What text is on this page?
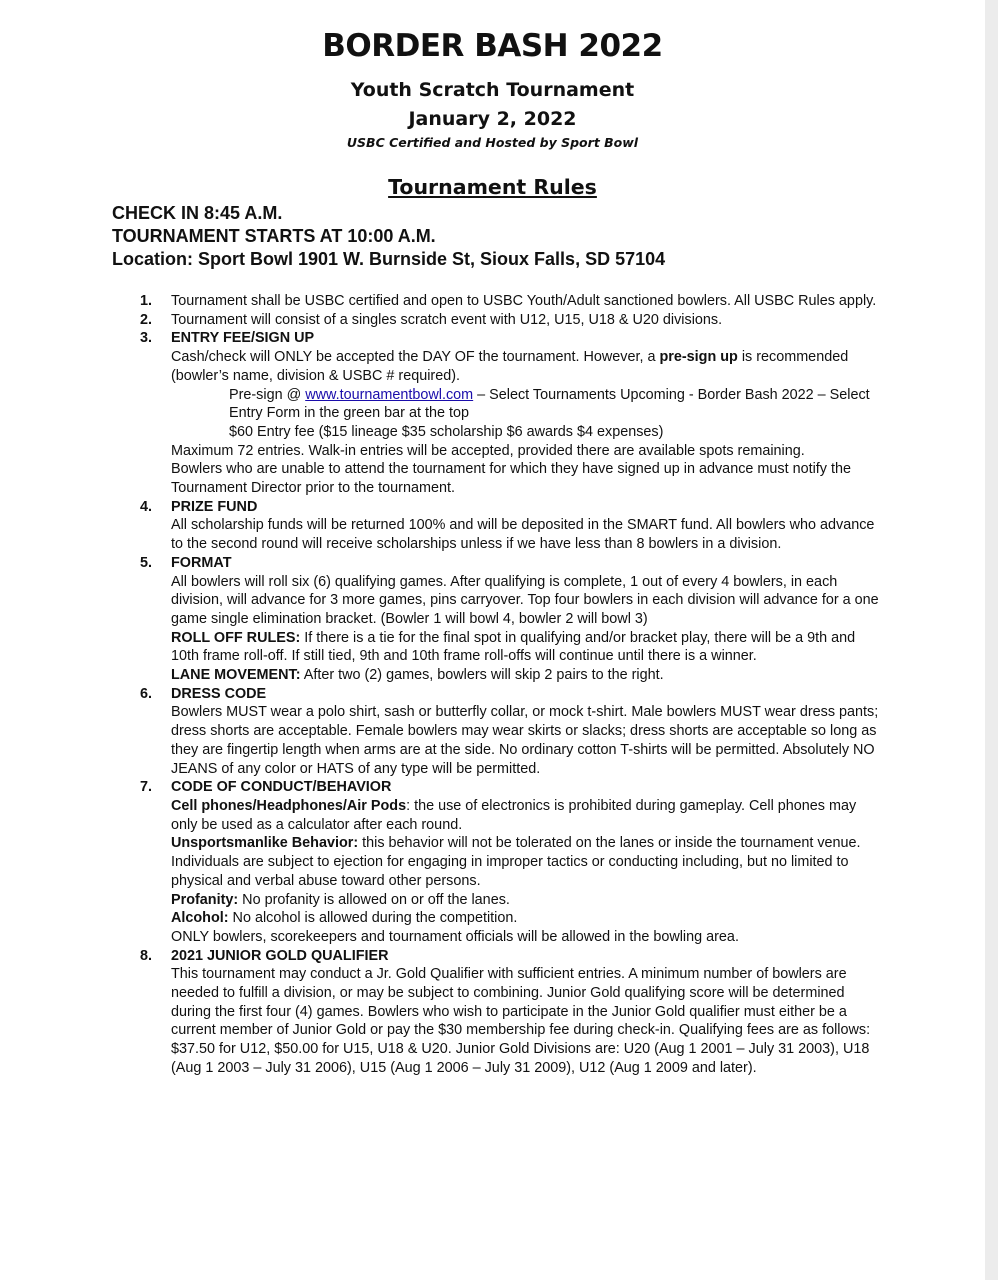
BORDER BASH 2022
Youth Scratch Tournament
January 2, 2022
USBC Certified and Hosted by Sport Bowl
Tournament Rules
CHECK IN 8:45 A.M.
TOURNAMENT STARTS AT 10:00 A.M.
Location: Sport Bowl 1901 W. Burnside St, Sioux Falls, SD 57104
1. Tournament shall be USBC certified and open to USBC Youth/Adult sanctioned bowlers. All USBC Rules apply.
2. Tournament will consist of a singles scratch event with U12, U15, U18 & U20 divisions.
3. ENTRY FEE/SIGN UP
Cash/check will ONLY be accepted the DAY OF the tournament. However, a pre-sign up is recommended (bowler’s name, division & USBC # required).
Pre-sign @ www.tournamentbowl.com – Select Tournaments Upcoming - Border Bash 2022 – Select Entry Form in the green bar at the top
$60 Entry fee ($15 lineage $35 scholarship $6 awards $4 expenses)
Maximum 72 entries. Walk-in entries will be accepted, provided there are available spots remaining.
Bowlers who are unable to attend the tournament for which they have signed up in advance must notify the Tournament Director prior to the tournament.
4. PRIZE FUND
All scholarship funds will be returned 100% and will be deposited in the SMART fund. All bowlers who advance to the second round will receive scholarships unless if we have less than 8 bowlers in a division.
5. FORMAT
All bowlers will roll six (6) qualifying games. After qualifying is complete, 1 out of every 4 bowlers, in each division, will advance for 3 more games, pins carryover. Top four bowlers in each division will advance for a one game single elimination bracket. (Bowler 1 will bowl 4, bowler 2 will bowl 3)
ROLL OFF RULES: If there is a tie for the final spot in qualifying and/or bracket play, there will be a 9th and 10th frame roll-off. If still tied, 9th and 10th frame roll-offs will continue until there is a winner.
LANE MOVEMENT: After two (2) games, bowlers will skip 2 pairs to the right.
6. DRESS CODE
Bowlers MUST wear a polo shirt, sash or butterfly collar, or mock t-shirt. Male bowlers MUST wear dress pants; dress shorts are acceptable. Female bowlers may wear skirts or slacks; dress shorts are acceptable so long as they are fingertip length when arms are at the side. No ordinary cotton T-shirts will be permitted. Absolutely NO JEANS of any color or HATS of any type will be permitted.
7. CODE OF CONDUCT/BEHAVIOR
Cell phones/Headphones/Air Pods: the use of electronics is prohibited during gameplay. Cell phones may only be used as a calculator after each round.
Unsportsmanlike Behavior: this behavior will not be tolerated on the lanes or inside the tournament venue. Individuals are subject to ejection for engaging in improper tactics or conducting including, but no limited to physical and verbal abuse toward other persons.
Profanity: No profanity is allowed on or off the lanes.
Alcohol: No alcohol is allowed during the competition.
ONLY bowlers, scorekeepers and tournament officials will be allowed in the bowling area.
8. 2021 JUNIOR GOLD QUALIFIER
This tournament may conduct a Jr. Gold Qualifier with sufficient entries. A minimum number of bowlers are needed to fulfill a division, or may be subject to combining. Junior Gold qualifying score will be determined during the first four (4) games. Bowlers who wish to participate in the Junior Gold qualifier must either be a current member of Junior Gold or pay the $30 membership fee during check-in. Qualifying fees are as follows: $37.50 for U12, $50.00 for U15, U18 & U20. Junior Gold Divisions are: U20 (Aug 1 2001 – July 31 2003), U18 (Aug 1 2003 – July 31 2006), U15 (Aug 1 2006 – July 31 2009), U12 (Aug 1 2009 and later).
